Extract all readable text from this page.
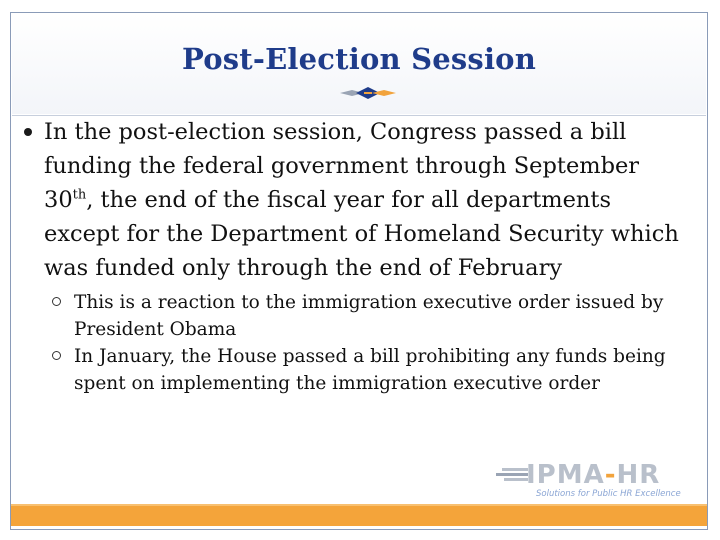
Post-Election Session
In the post-election session, Congress passed a bill funding the federal government through September 30th, the end of the fiscal year for all departments except for the Department of Homeland Security which was funded only through the end of February
This is a reaction to the immigration executive order issued by President Obama
In January, the House passed a bill prohibiting any funds being spent on implementing the immigration executive order
IPMA-HR
Solutions for Public HR Excellence
